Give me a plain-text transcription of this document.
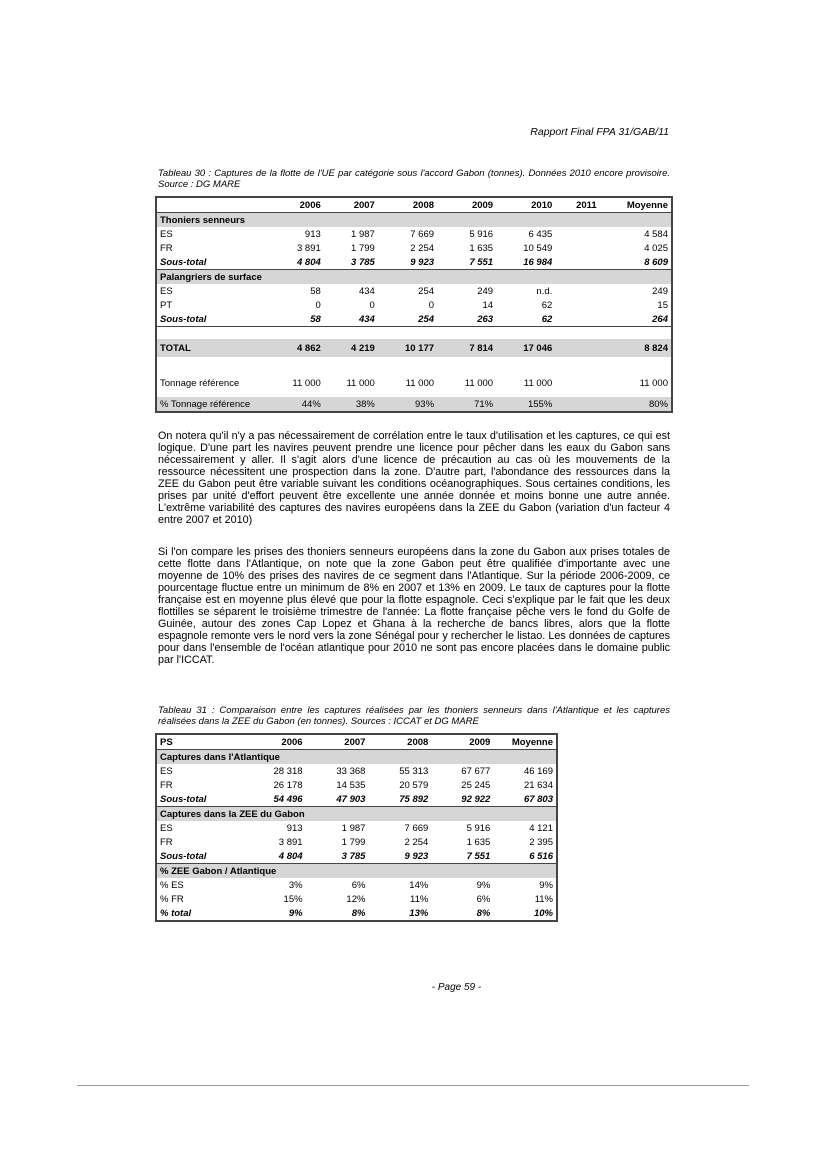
Rapport Final FPA 31/GAB/11
Tableau 30 : Captures de la flotte de l'UE par catégorie sous l'accord Gabon (tonnes). Données 2010 encore provisoire. Source : DG MARE
	2006	2007	2008	2009	2010	2011	Moyenne
Thoniers senneurs							
ES	913	1 987	7 669	5 916	6 435		4 584
FR	3 891	1 799	2 254	1 635	10 549		4 025
Sous-total	4 804	3 785	9 923	7 551	16 984		8 609
Palangriers de surface							
ES	58	434	254	249	n.d.		249
PT	0	0	0	14	62		15
Sous-total	58	434	254	263	62		264

TOTAL	4 862	4 219	10 177	7 814	17 046		8 824

Tonnage référence	11 000	11 000	11 000	11 000	11 000		11 000
% Tonnage référence	44%	38%	93%	71%	155%		80%
On notera qu'il n'y a pas nécessairement de corrélation entre le taux d'utilisation et les captures, ce qui est logique. D'une part les navires peuvent prendre une licence pour pêcher dans les eaux du Gabon sans nécessairement y aller. Il s'agit alors d'une licence de précaution au cas où les mouvements de la ressource nécessitent une prospection dans la zone. D'autre part, l'abondance des ressources dans la ZEE du Gabon peut être variable suivant les conditions océanographiques. Sous certaines conditions, les prises par unité d'effort peuvent être excellente une année donnée et moins bonne une autre année. L'extrême variabilité des captures des navires européens dans la ZEE du Gabon (variation d'un facteur 4 entre 2007 et 2010)
Si l'on compare les prises des thoniers senneurs européens dans la zone du Gabon aux prises totales de cette flotte dans l'Atlantique, on note que la zone Gabon peut être qualifiée d'importante avec une moyenne de 10% des prises des navires de ce segment dans l'Atlantique. Sur la période 2006-2009, ce pourcentage fluctue entre un minimum de 8% en 2007 et 13% en 2009. Le taux de captures pour la flotte française est en moyenne plus élevé que pour la flotte espagnole. Ceci s'explique par le fait que les deux flottilles se séparent le troisième trimestre de l'année: La flotte française pêche vers le fond du Golfe de Guinée, autour des zones Cap Lopez et Ghana à la recherche de bancs libres, alors que la flotte espagnole remonte vers le nord vers la zone Sénégal pour y rechercher le listao. Les données de captures pour dans l'ensemble de l'océan atlantique pour 2010 ne sont pas encore placées dans le domaine public par l'ICCAT.
Tableau 31 : Comparaison entre les captures réalisées par les thoniers senneurs dans l'Atlantique et les captures réalisées dans la ZEE du Gabon (en tonnes). Sources : ICCAT et DG MARE
PS	2006	2007	2008	2009	Moyenne
Captures dans l'Atlantique					
ES	28 318	33 368	55 313	67 677	46 169
FR	26 178	14 535	20 579	25 245	21 634
Sous-total	54 496	47 903	75 892	92 922	67 803
Captures dans la ZEE du Gabon					
ES	913	1 987	7 669	5 916	4 121
FR	3 891	1 799	2 254	1 635	2 395
Sous-total	4 804	3 785	9 923	7 551	6 516
% ZEE Gabon / Atlantique					
% ES	3%	6%	14%	9%	9%
% FR	15%	12%	11%	6%	11%
% total	9%	8%	13%	8%	10%
- Page 59 -
